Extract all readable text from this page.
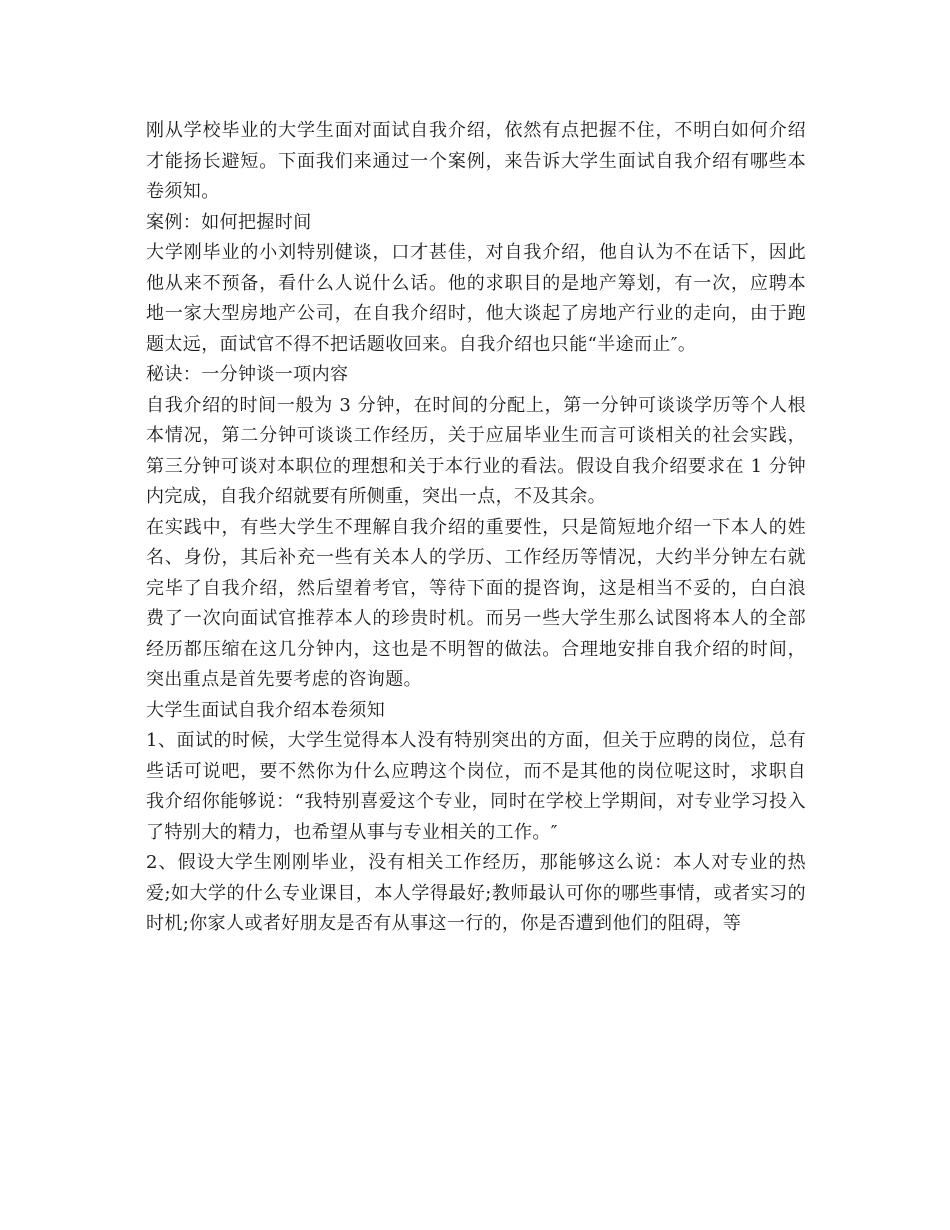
刚从学校毕业的大学生面对面试自我介绍，依然有点把握不住，不明白如何介绍才能扬长避短。下面我们来通过一个案例，来告诉大学生面试自我介绍有哪些本卷须知。

案例：如何把握时间

大学刚毕业的小刘特别健谈，口才甚佳，对自我介绍，他自认为不在话下，因此他从来不预备，看什么人说什么话。他的求职目的是地产筹划，有一次，应聘本地一家大型房地产公司，在自我介绍时，他大谈起了房地产行业的走向，由于跑题太远，面试官不得不把话题收回来。自我介绍也只能“半途而止″。

秘诀：一分钟谈一项内容

自我介绍的时间一般为 3 分钟，在时间的分配上，第一分钟可谈谈学历等个人根本情况，第二分钟可谈谈工作经历，关于应届毕业生而言可谈相关的社会实践，第三分钟可谈对本职位的理想和关于本行业的看法。假设自我介绍要求在 1 分钟内完成，自我介绍就要有所侧重，突出一点，不及其余。

在实践中，有些大学生不理解自我介绍的重要性，只是简短地介绍一下本人的姓名、身份，其后补充一些有关本人的学历、工作经历等情况，大约半分钟左右就完毕了自我介绍，然后望着考官，等待下面的提咨询，这是相当不妥的，白白浪费了一次向面试官推荐本人的珍贵时机。而另一些大学生那么试图将本人的全部经历都压缩在这几分钟内，这也是不明智的做法。合理地安排自我介绍的时间，突出重点是首先要考虑的咨询题。

大学生面试自我介绍本卷须知

1、面试的时候，大学生觉得本人没有特别突出的方面，但关于应聘的岗位，总有些话可说吧，要不然你为什么应聘这个岗位，而不是其他的岗位呢这时，求职自我介绍你能够说：“我特别喜爱这个专业，同时在学校上学期间，对专业学习投入了特别大的精力，也希望从事与专业相关的工作。″

2、假设大学生刚刚毕业，没有相关工作经历，那能够这么说：本人对专业的热爱;如大学的什么专业课目，本人学得最好;教师最认可你的哪些事情，或者实习的时机;你家人或者好朋友是否有从事这一行的，你是否遭到他们的阻碍，等
